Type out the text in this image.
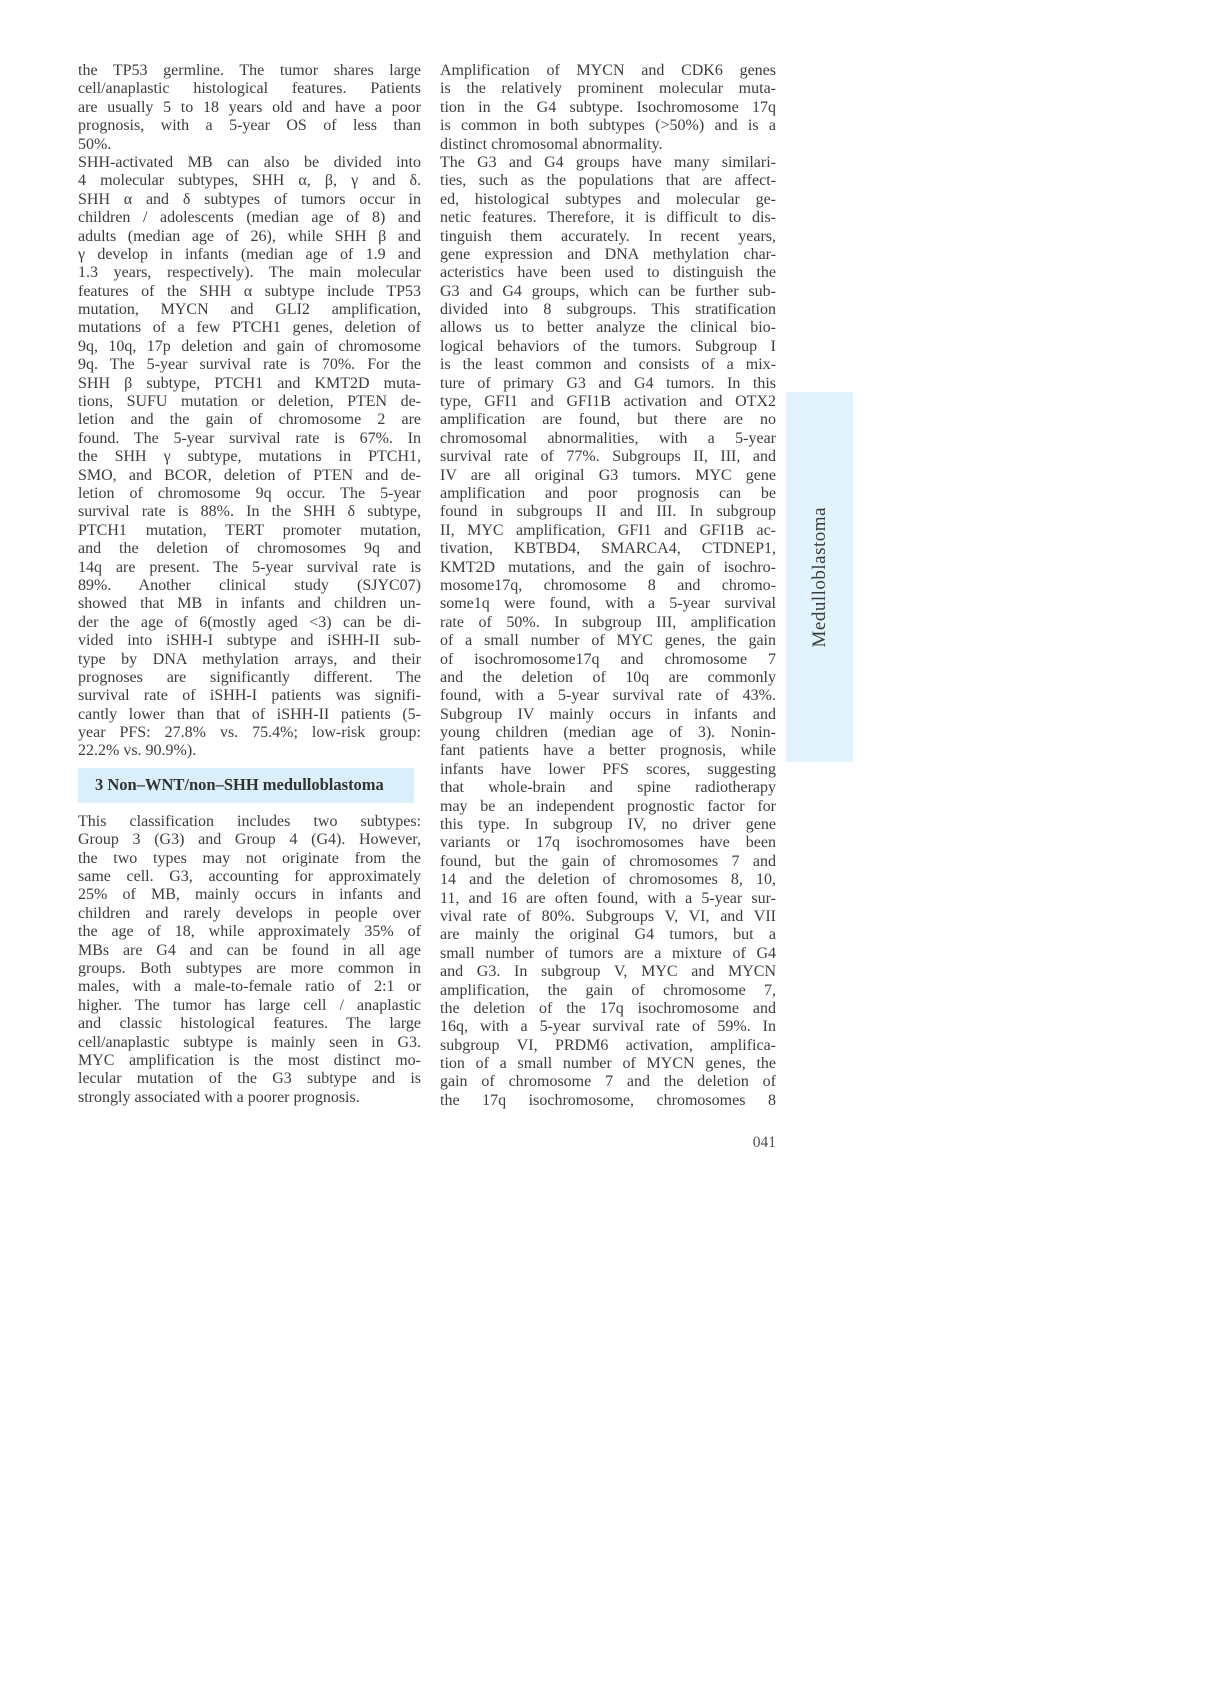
the TP53 germline. The tumor shares large
cell/anaplastic histological features. Patients
are usually 5 to 18 years old and have a poor
prognosis, with a 5-year OS of less than
50%.
SHH-activated MB can also be divided into
4 molecular subtypes, SHH α, β, γ and δ.
SHH α and δ subtypes of tumors occur in
children / adolescents (median age of 8) and
adults (median age of 26), while SHH β and
γ develop in infants (median age of 1.9 and
1.3 years, respectively). The main molecular
features of the SHH α subtype include TP53
mutation, MYCN and GLI2 amplification,
mutations of a few PTCH1 genes, deletion of
9q, 10q, 17p deletion and gain of chromosome
9q. The 5-year survival rate is 70%. For the
SHH β subtype, PTCH1 and KMT2D muta-
tions, SUFU mutation or deletion, PTEN de-
letion and the gain of chromosome 2 are
found. The 5-year survival rate is 67%. In
the SHH γ subtype, mutations in PTCH1,
SMO, and BCOR, deletion of PTEN and de-
letion of chromosome 9q occur. The 5-year
survival rate is 88%. In the SHH δ subtype,
PTCH1 mutation, TERT promoter mutation,
and the deletion of chromosomes 9q and
14q are present. The 5-year survival rate is
89%. Another clinical study (SJYC07)
showed that MB in infants and children un-
der the age of 6(mostly aged <3) can be di-
vided into iSHH-I subtype and iSHH-II sub-
type by DNA methylation arrays, and their
prognoses are significantly different. The
survival rate of iSHH-I patients was signifi-
cantly lower than that of iSHH-II patients (5-
year PFS: 27.8% vs. 75.4%; low-risk group:
22.2% vs. 90.9%).
3 Non–WNT/non–SHH medulloblastoma
This classification includes two subtypes:
Group 3 (G3) and Group 4 (G4). However,
the two types may not originate from the
same cell. G3, accounting for approximately
25% of MB, mainly occurs in infants and
children and rarely develops in people over
the age of 18, while approximately 35% of
MBs are G4 and can be found in all age
groups. Both subtypes are more common in
males, with a male-to-female ratio of 2:1 or
higher. The tumor has large cell / anaplastic
and classic histological features. The large
cell/anaplastic subtype is mainly seen in G3.
MYC amplification is the most distinct mo-
lecular mutation of the G3 subtype and is
strongly associated with a poorer prognosis.
Amplification of MYCN and CDK6 genes
is the relatively prominent molecular muta-
tion in the G4 subtype. Isochromosome 17q
is common in both subtypes (>50%) and is a
distinct chromosomal abnormality.
The G3 and G4 groups have many similari-
ties, such as the populations that are affect-
ed, histological subtypes and molecular ge-
netic features. Therefore, it is difficult to dis-
tinguish them accurately. In recent years,
gene expression and DNA methylation char-
acteristics have been used to distinguish the
G3 and G4 groups, which can be further sub-
divided into 8 subgroups. This stratification
allows us to better analyze the clinical bio-
logical behaviors of the tumors. Subgroup I
is the least common and consists of a mix-
ture of primary G3 and G4 tumors. In this
type, GFI1 and GFI1B activation and OTX2
amplification are found, but there are no
chromosomal abnormalities, with a 5-year
survival rate of 77%. Subgroups II, III, and
IV are all original G3 tumors. MYC gene
amplification and poor prognosis can be
found in subgroups II and III. In subgroup
II, MYC amplification, GFI1 and GFI1B ac-
tivation, KBTBD4, SMARCA4, CTDNEP1,
KMT2D mutations, and the gain of isochro-
mosome17q, chromosome 8 and chromo-
some1q were found, with a 5-year survival
rate of 50%. In subgroup III, amplification
of a small number of MYC genes, the gain
of isochromosome17q and chromosome 7
and the deletion of 10q are commonly
found, with a 5-year survival rate of 43%.
Subgroup IV mainly occurs in infants and
young children (median age of 3). Nonin-
fant patients have a better prognosis, while
infants have lower PFS scores, suggesting
that whole-brain and spine radiotherapy
may be an independent prognostic factor for
this type. In subgroup IV, no driver gene
variants or 17q isochromosomes have been
found, but the gain of chromosomes 7 and
14 and the deletion of chromosomes 8, 10,
11, and 16 are often found, with a 5-year sur-
vival rate of 80%. Subgroups V, VI, and VII
are mainly the original G4 tumors, but a
small number of tumors are a mixture of G4
and G3. In subgroup V, MYC and MYCN
amplification, the gain of chromosome 7,
the deletion of the 17q isochromosome and
16q, with a 5-year survival rate of 59%. In
subgroup VI, PRDM6 activation, amplifica-
tion of a small number of MYCN genes, the
gain of chromosome 7 and the deletion of
the 17q isochromosome, chromosomes 8
Medulloblastoma
041
